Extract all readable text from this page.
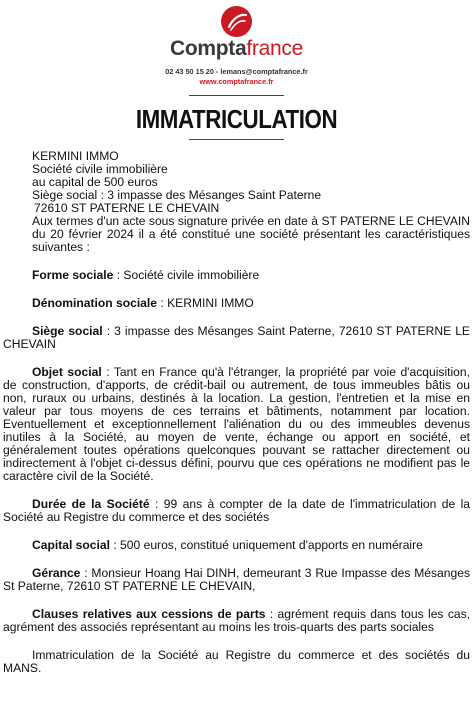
Comptafrance
02 43 50 15 20 - lemans@comptafrance.fr
www.comptafrance.fr
IMMATRICULATION

KERMINI IMMO

Société civile immobilière

au capital de 500 euros

Siège social : 3 impasse des Mésanges Saint Paterne

72610 ST PATERNE LE CHEVAIN

Aux termes d'un acte sous signature privée en date à ST PATERNE LE CHEVAIN du 20 février 2024 il a été constitué une société présentant les caractéristiques suivantes :

Forme sociale : Société civile immobilière

Dénomination sociale : KERMINI IMMO

Siège social : 3 impasse des Mésanges Saint Paterne, 72610 ST PATERNE LE CHEVAIN

Objet social : Tant en France qu'à l'étranger, la propriété par voie d'acquisition, de construction, d'apports, de crédit-bail ou autrement, de tous immeubles bâtis ou non, ruraux ou urbains, destinés à la location. La gestion, l'entretien et la mise en valeur par tous moyens de ces terrains et bâtiments, notamment par location. Eventuellement et exceptionnellement l'aliénation du ou des immeubles devenus inutiles à la Société, au moyen de vente, échange ou apport en société, et généralement toutes opérations quelconques pouvant se rattacher directement ou indirectement à l'objet ci-dessus défini, pourvu que ces opérations ne modifient pas le caractère civil de la Société.

Durée de la Société : 99 ans à compter de la date de l'immatriculation de la Société au Registre du commerce et des sociétés

Capital social : 500 euros, constitué uniquement d'apports en numéraire

Gérance : Monsieur Hoang Hai DINH, demeurant 3 Rue Impasse des Mésanges St Paterne, 72610 ST PATERNE LE CHEVAIN,

Clauses relatives aux cessions de parts : agrément requis dans tous les cas, agrément des associés représentant au moins les trois-quarts des parts sociales

Immatriculation de la Société au Registre du commerce et des sociétés du MANS.
